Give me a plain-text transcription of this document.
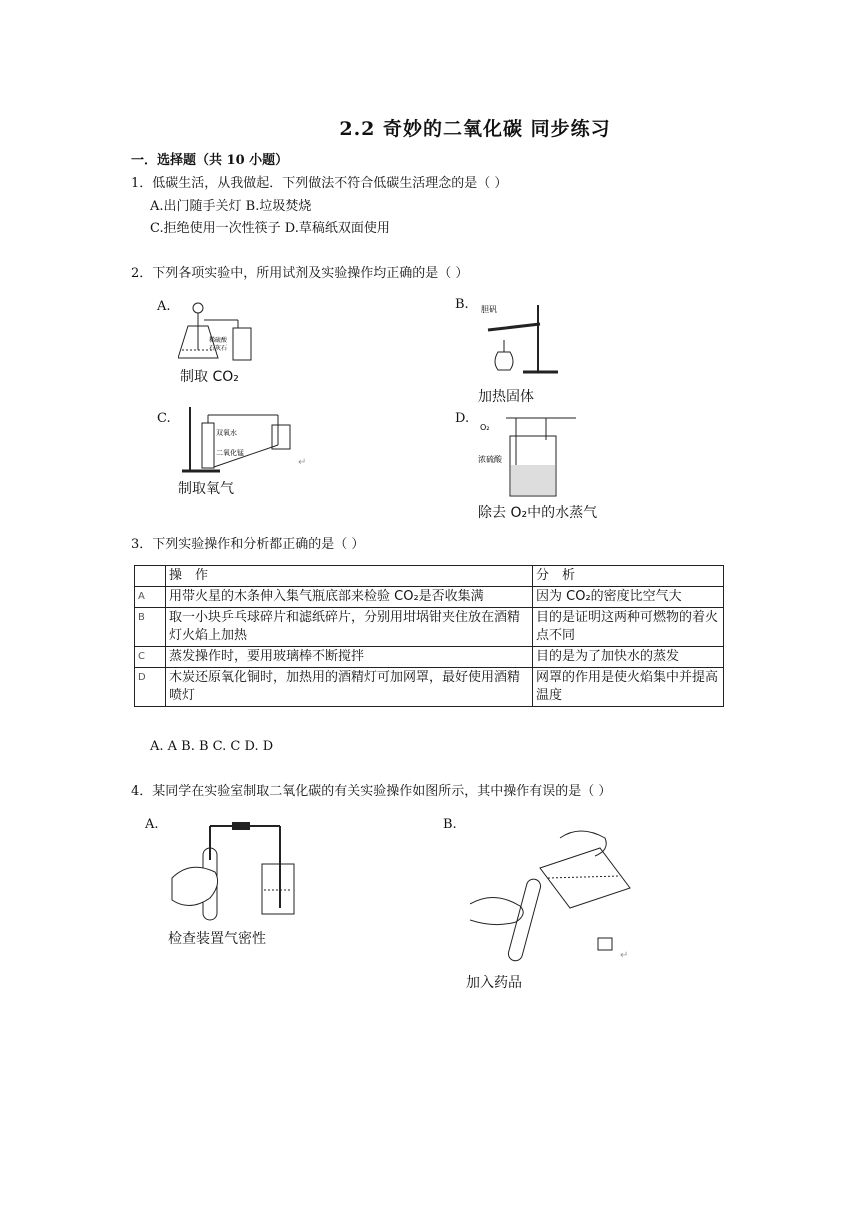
2.2 奇妙的二氧化碳 同步练习
一．选择题（共 10 小题）
1．低碳生活，从我做起．下列做法不符合低碳生活理念的是（ ）
A.出门随手关灯 B.垃圾焚烧
C.拒绝使用一次性筷子 D.草稿纸双面使用
2．下列各项实验中，所用试剂及实验操作均正确的是（ ）
A.
稀硫酸
石灰石
制取 CO₂
B. 胆矾
加热固体
C.
双氧水
二氧化锰
↵
制取氧气
D.
O₂
浓硫酸
除去 O₂中的水蒸气
3．下列实验操作和分析都正确的是（ ）
	操　作	分　析
A	用带火星的木条伸入集气瓶底部来检验 CO₂是否收集满	因为 CO₂的密度比空气大
B	取一小块乒乓球碎片和滤纸碎片，分别用坩埚钳夹住放在酒精灯火焰上加热	目的是证明这两种可燃物的着火点不同
C	蒸发操作时，要用玻璃棒不断搅拌	目的是为了加快水的蒸发
D	木炭还原氧化铜时，加热用的酒精灯可加网罩，最好使用酒精喷灯	网罩的作用是使火焰集中并提高温度
A. A B. B C. C D. D
4．某同学在实验室制取二氧化碳的有关实验操作如图所示，其中操作有误的是（ ）
A.
检查装置气密性
B.
↵
加入药品
